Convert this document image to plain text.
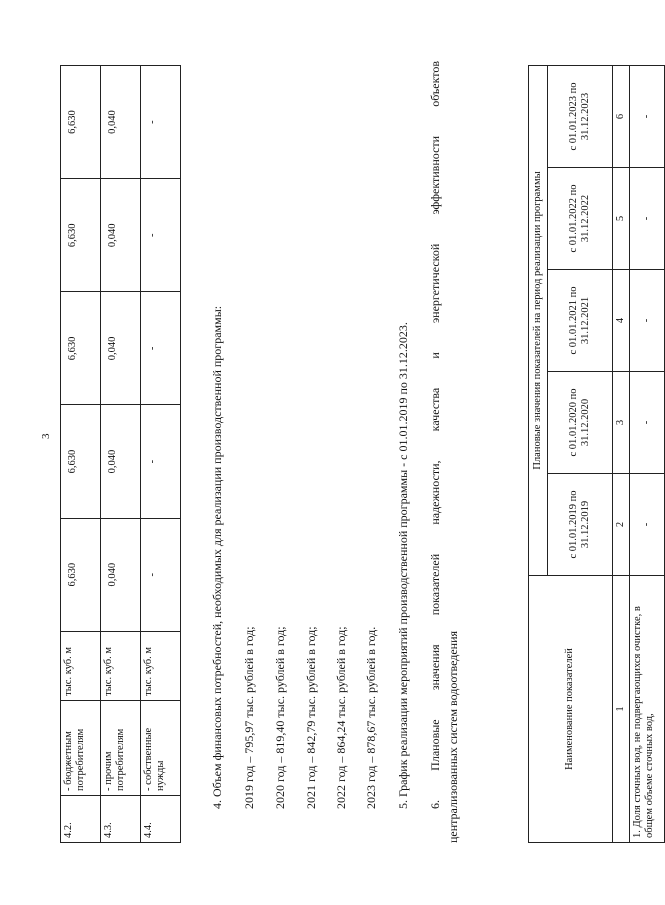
3
4.2.	- бюджетным потребителям	тыс. куб. м	6,630	6,630	6,630	6,630	6,630
4.3.	- прочим потребителям	тыс. куб. м	0,040	0,040	0,040	0,040	0,040
4.4.	- собственные нужды	тыс. куб. м	-	-	-	-	-
4. Объем финансовых потребностей, необходимых для реализации производственной программы: 2019 год – 795,97 тыс. рублей в год; 2020 год – 819,40 тыс. рублей в год; 2021 год – 842,79 тыс. рублей в год; 2022 год – 864,24 тыс. рублей в год; 2023 год – 878,67 тыс. рублей в год. 5. График реализации мероприятий производственной программы - с 01.01.2019 по 31.12.2023. 6. Плановые значения показателей надежности, качества и энергетической эффективности объектов централизованных систем водоотведения	Наименование показателей	Плановые значения показателей на период реализации программы				
	с 01.01.2019 по 31.12.2019	с 01.01.2020 по 31.12.2020	с 01.01.2021 по 31.12.2021	с 01.01.2022 по 31.12.2022	с 01.01.2023 по 31.12.2023
1	2	3	4	5	6
1. Доля сточных вод, не подвергающихся очистке, в общем объеме сточных вод,	-	-	-	-	-
